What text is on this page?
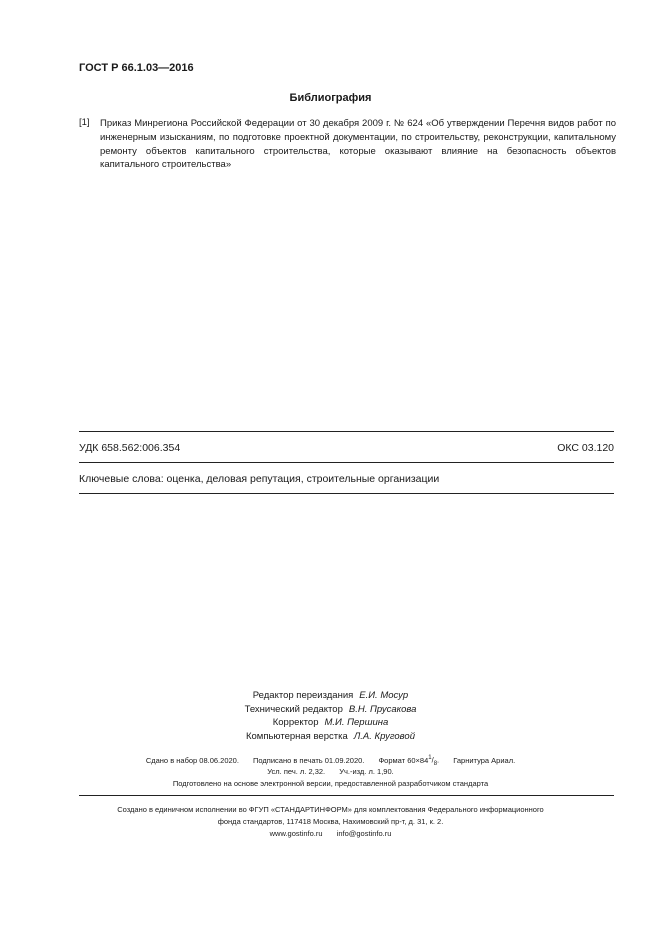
ГОСТ Р 66.1.03—2016
Библиография
[1] Приказ Минрегиона Российской Федерации от 30 декабря 2009 г. № 624 «Об утверждении Перечня видов работ по инженерным изысканиям, по подготовке проектной документации, по строительству, реконструкции, капитальному ремонту объектов капитального строительства, которые оказывают влияние на безопасность объектов капитального строительства»
УДК 658.562:006.354	ОКС 03.120
Ключевые слова: оценка, деловая репутация, строительные организации
Редактор переиздания Е.И. Мосур
Технический редактор В.Н. Прусакова
Корректор М.И. Першина
Компьютерная верстка Л.А. Круговой
Сдано в набор 08.06.2020. Подписано в печать 01.09.2020. Формат 60×841/8. Гарнитура Ариал.
Усл. печ. л. 2,32. Уч.-изд. л. 1,90.
Подготовлено на основе электронной версии, предоставленной разработчиком стандарта
Создано в единичном исполнении во ФГУП «СТАНДАРТИНФОРМ» для комплектования Федерального информационного
фонда стандартов, 117418 Москва, Нахимовский пр-т, д. 31, к. 2.
www.gostinfo.ru info@gostinfo.ru
